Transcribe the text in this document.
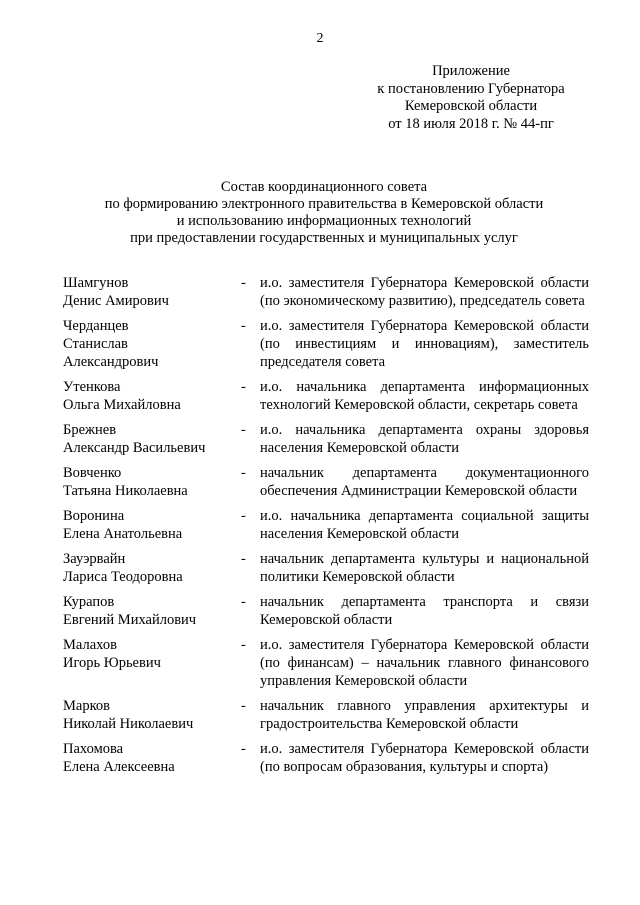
2
Приложение
к постановлению Губернатора
Кемеровской области
от 18 июля 2018 г. № 44-пг
Состав координационного совета
по формированию электронного правительства в Кемеровской области
и использованию информационных технологий
при предоставлении государственных и муниципальных услуг
Шамгунов
Денис Амирович
- и.о. заместителя Губернатора Кемеровской области (по экономическому развитию), председатель совета
Черданцев
Станислав
Александрович
- и.о. заместителя Губернатора Кемеровской области (по инвестициям и инновациям), заместитель председателя совета
Утенкова
Ольга Михайловна
- и.о. начальника департамента информационных технологий Кемеровской области, секретарь совета
Брежнев
Александр Васильевич
- и.о. начальника департамента охраны здоровья населения Кемеровской области
Вовченко
Татьяна Николаевна
- начальник департамента документационного обеспечения Администрации Кемеровской области
Воронина
Елена Анатольевна
- и.о. начальника департамента социальной защиты населения Кемеровской области
Зауэрвайн
Лариса Теодоровна
- начальник департамента культуры и национальной политики Кемеровской области
Курапов
Евгений Михайлович
- начальник департамента транспорта и связи Кемеровской области
Малахов
Игорь Юрьевич
- и.о. заместителя Губернатора Кемеровской области (по финансам) – начальник главного финансового управления Кемеровской области
Марков
Николай Николаевич
- начальник главного управления архитектуры и градостроительства Кемеровской области
Пахомова
Елена Алексеевна
- и.о. заместителя Губернатора Кемеровской области (по вопросам образования, культуры и спорта)
